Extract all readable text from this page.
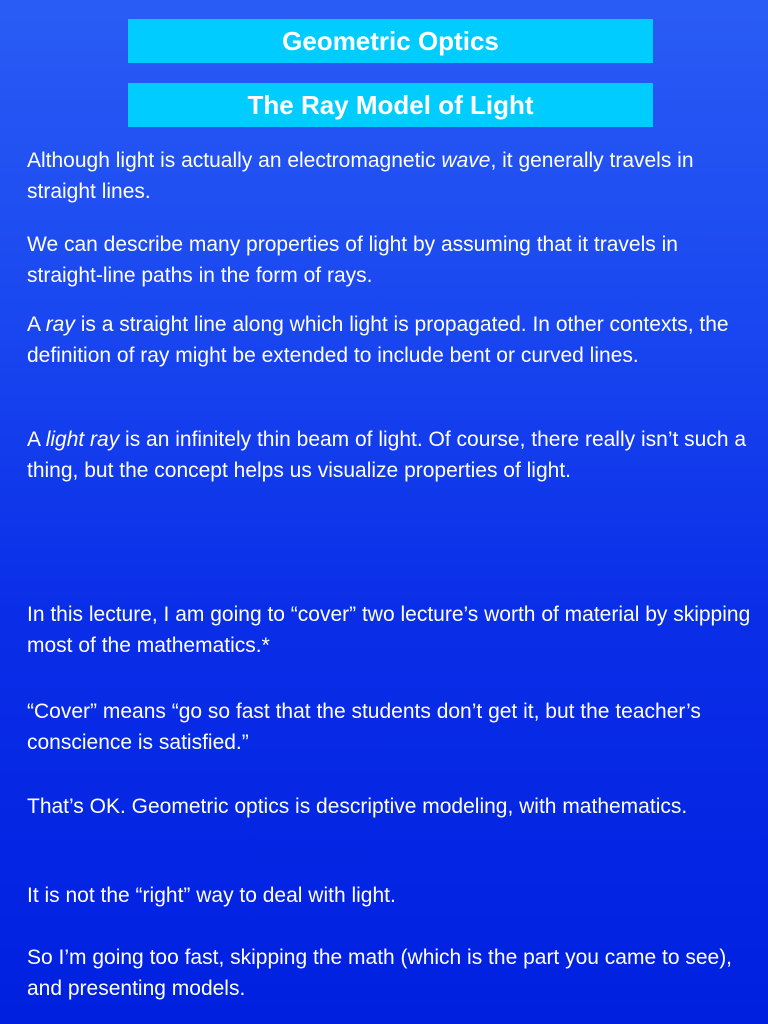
Geometric Optics
The Ray Model of Light

Although light is actually an electromagnetic wave, it generally travels in straight lines.

We can describe many properties of light by assuming that it travels in straight-line paths in the form of rays.

A ray is a straight line along which light is propagated. In other contexts, the definition of ray might be extended to include bent or curved lines.

A light ray is an infinitely thin beam of light. Of course, there really isn’t such a thing, but the concept helps us visualize properties of light.

In this lecture, I am going to “cover” two lecture’s worth of material by skipping most of the mathematics.*

“Cover” means “go so fast that the students don’t get it, but the teacher’s conscience is satisfied.”

That’s OK. Geometric optics is descriptive modeling, with mathematics.

It is not the “right” way to deal with light.

So I’m going too fast, skipping the math (which is the part you came to see), and presenting models.
